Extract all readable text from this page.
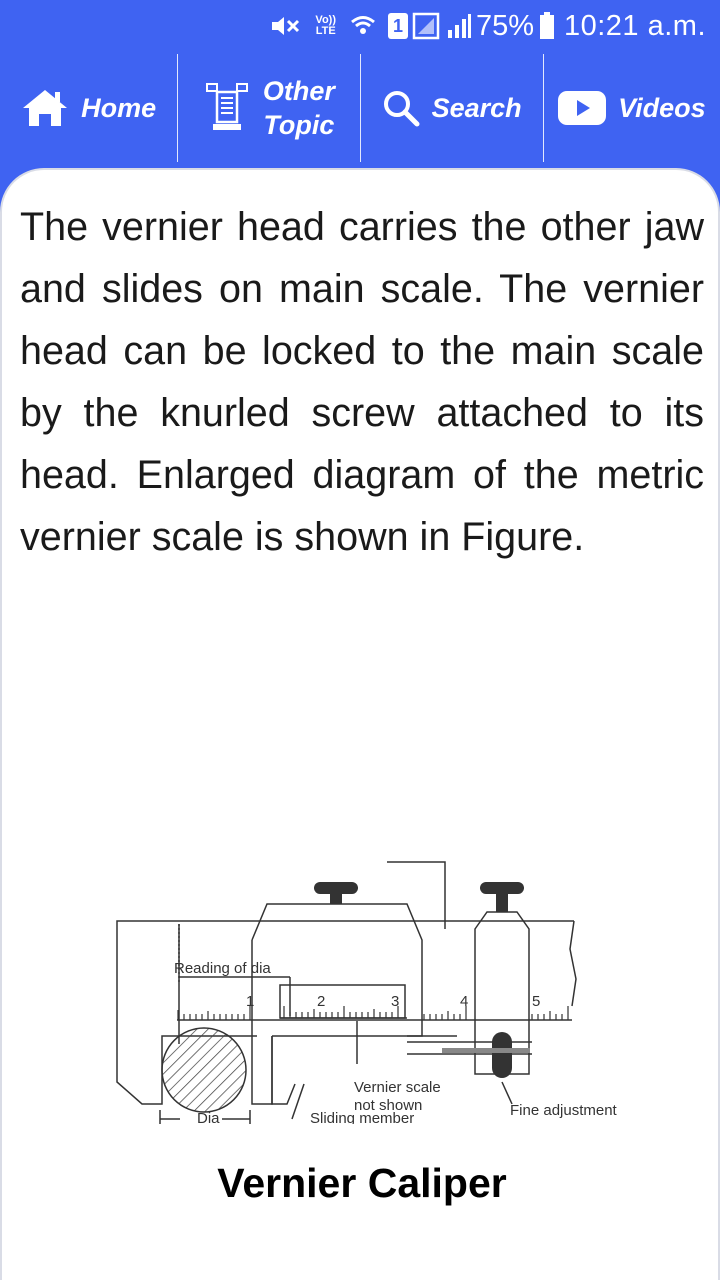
Vo))
LTE	1	75% 10:21 a.m.
Home
Other
Topic
Search	Videos
The vernier head carries the other jaw and slides on main scale. The vernier head can be locked to the main scale by the knurled screw attached to its head. Enlarged diagram of the metric vernier scale is shown in Figure.
Reading of dia
1	2	3	4	5
Vernier scale
not shown	Fine adjustment
Dia	Sliding member
Vernier Caliper
